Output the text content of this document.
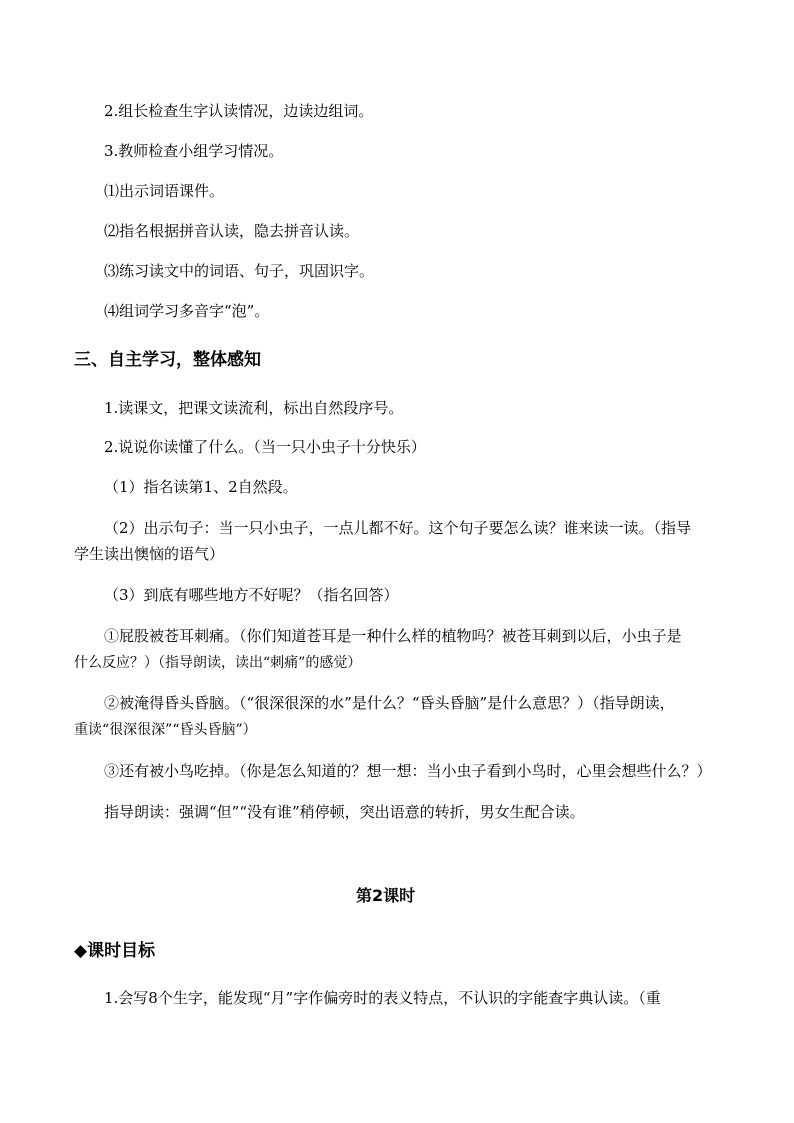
2.组长检查生字认读情况，边读边组词。
3.教师检查小组学习情况。
⑴出示词语课件。
⑵指名根据拼音认读，隐去拼音认读。
⑶练习读文中的词语、句子，巩固识字。
⑷组词学习多音字“泡”。
三、自主学习，整体感知
1.读课文，把课文读流利，标出自然段序号。
2.说说你读懂了什么。（当一只小虫子十分快乐）
（1）指名读第1、2自然段。
（2）出示句子：当一只小虫子，一点儿都不好。这个句子要怎么读？谁来读一读。（指导
学生读出懊恼的语气）
（3）到底有哪些地方不好呢？（指名回答）
①屁股被苍耳刺痛。（你们知道苍耳是一种什么样的植物吗？被苍耳刺到以后，小虫子是
什么反应？）（指导朗读，读出“刺痛”的感觉）
②被淹得昏头昏脑。（“很深很深的水”是什么？“昏头昏脑”是什么意思？）（指导朗读，
重读“很深很深”“昏头昏脑”）
③还有被小鸟吃掉。（你是怎么知道的？想一想：当小虫子看到小鸟时，心里会想些什么？）
指导朗读：强调“但”“没有谁”稍停顿，突出语意的转折，男女生配合读。
第2课时
◆课时目标
1.会写8个生字，能发现“月”字作偏旁时的表义特点，不认识的字能查字典认读。（重
